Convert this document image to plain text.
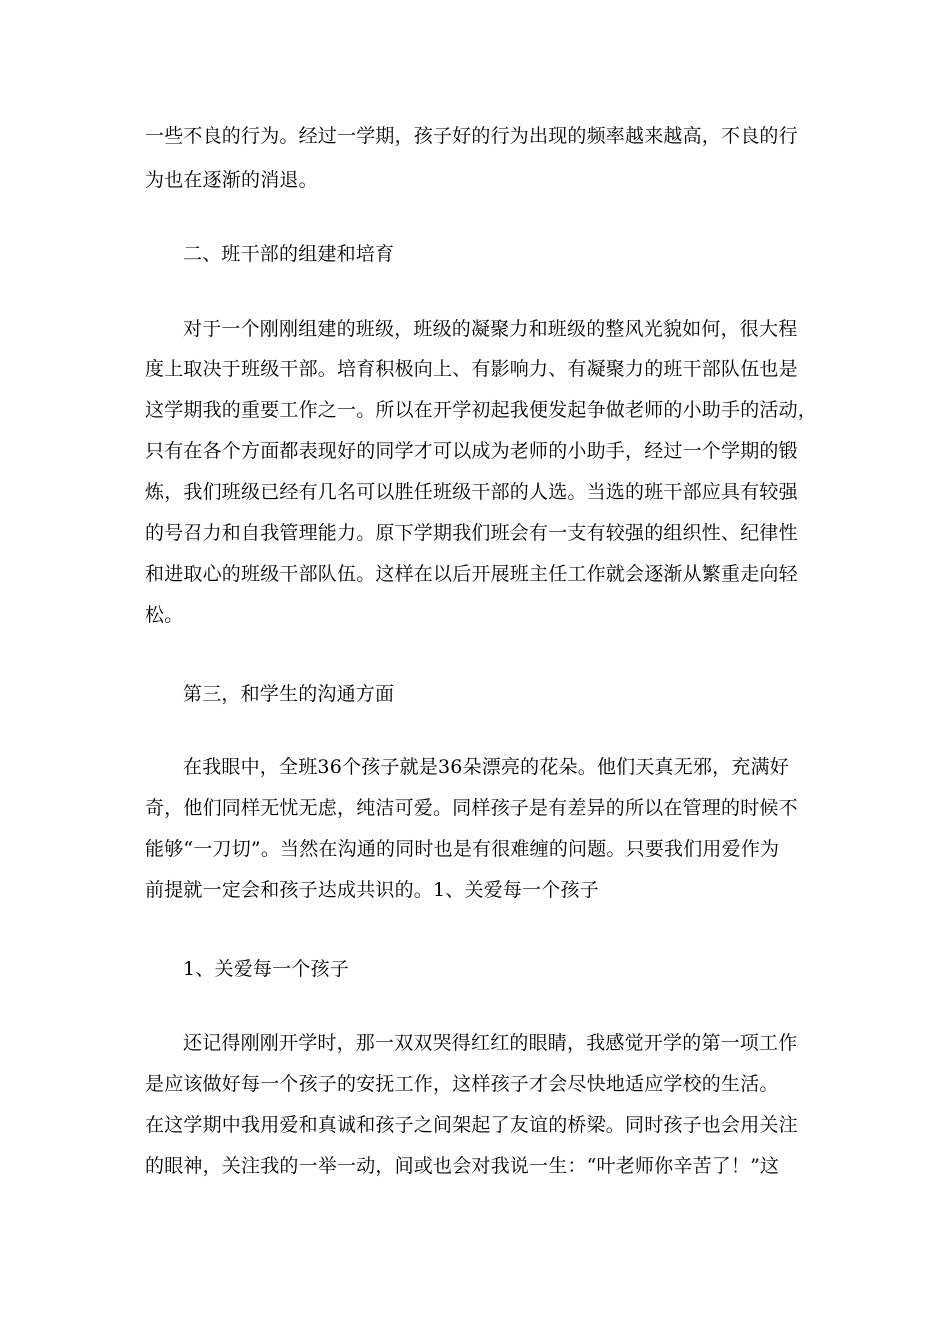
一些不良的行为。经过一学期，孩子好的行为出现的频率越来越高，不良的行
为也在逐渐的消退。
二、班干部的组建和培育
对于一个刚刚组建的班级，班级的凝聚力和班级的整风光貌如何，很大程
度上取决于班级干部。培育积极向上、有影响力、有凝聚力的班干部队伍也是
这学期我的重要工作之一。所以在开学初起我便发起争做老师的小助手的活动，
只有在各个方面都表现好的同学才可以成为老师的小助手，经过一个学期的锻
炼，我们班级已经有几名可以胜任班级干部的人选。当选的班干部应具有较强
的号召力和自我管理能力。原下学期我们班会有一支有较强的组织性、纪律性
和进取心的班级干部队伍。这样在以后开展班主任工作就会逐渐从繁重走向轻
松。
第三，和学生的沟通方面
在我眼中，全班36个孩子就是36朵漂亮的花朵。他们天真无邪，充满好
奇，他们同样无忧无虑，纯洁可爱。同样孩子是有差异的所以在管理的时候不
能够“一刀切”。当然在沟通的同时也是有很难缠的问题。只要我们用爱作为
前提就一定会和孩子达成共识的。1、关爱每一个孩子
1、关爱每一个孩子
还记得刚刚开学时，那一双双哭得红红的眼睛，我感觉开学的第一项工作
是应该做好每一个孩子的安抚工作，这样孩子才会尽快地适应学校的生活。
在这学期中我用爱和真诚和孩子之间架起了友谊的桥梁。同时孩子也会用关注
的眼神，关注我的一举一动，间或也会对我说一生：“叶老师你辛苦了！”这
